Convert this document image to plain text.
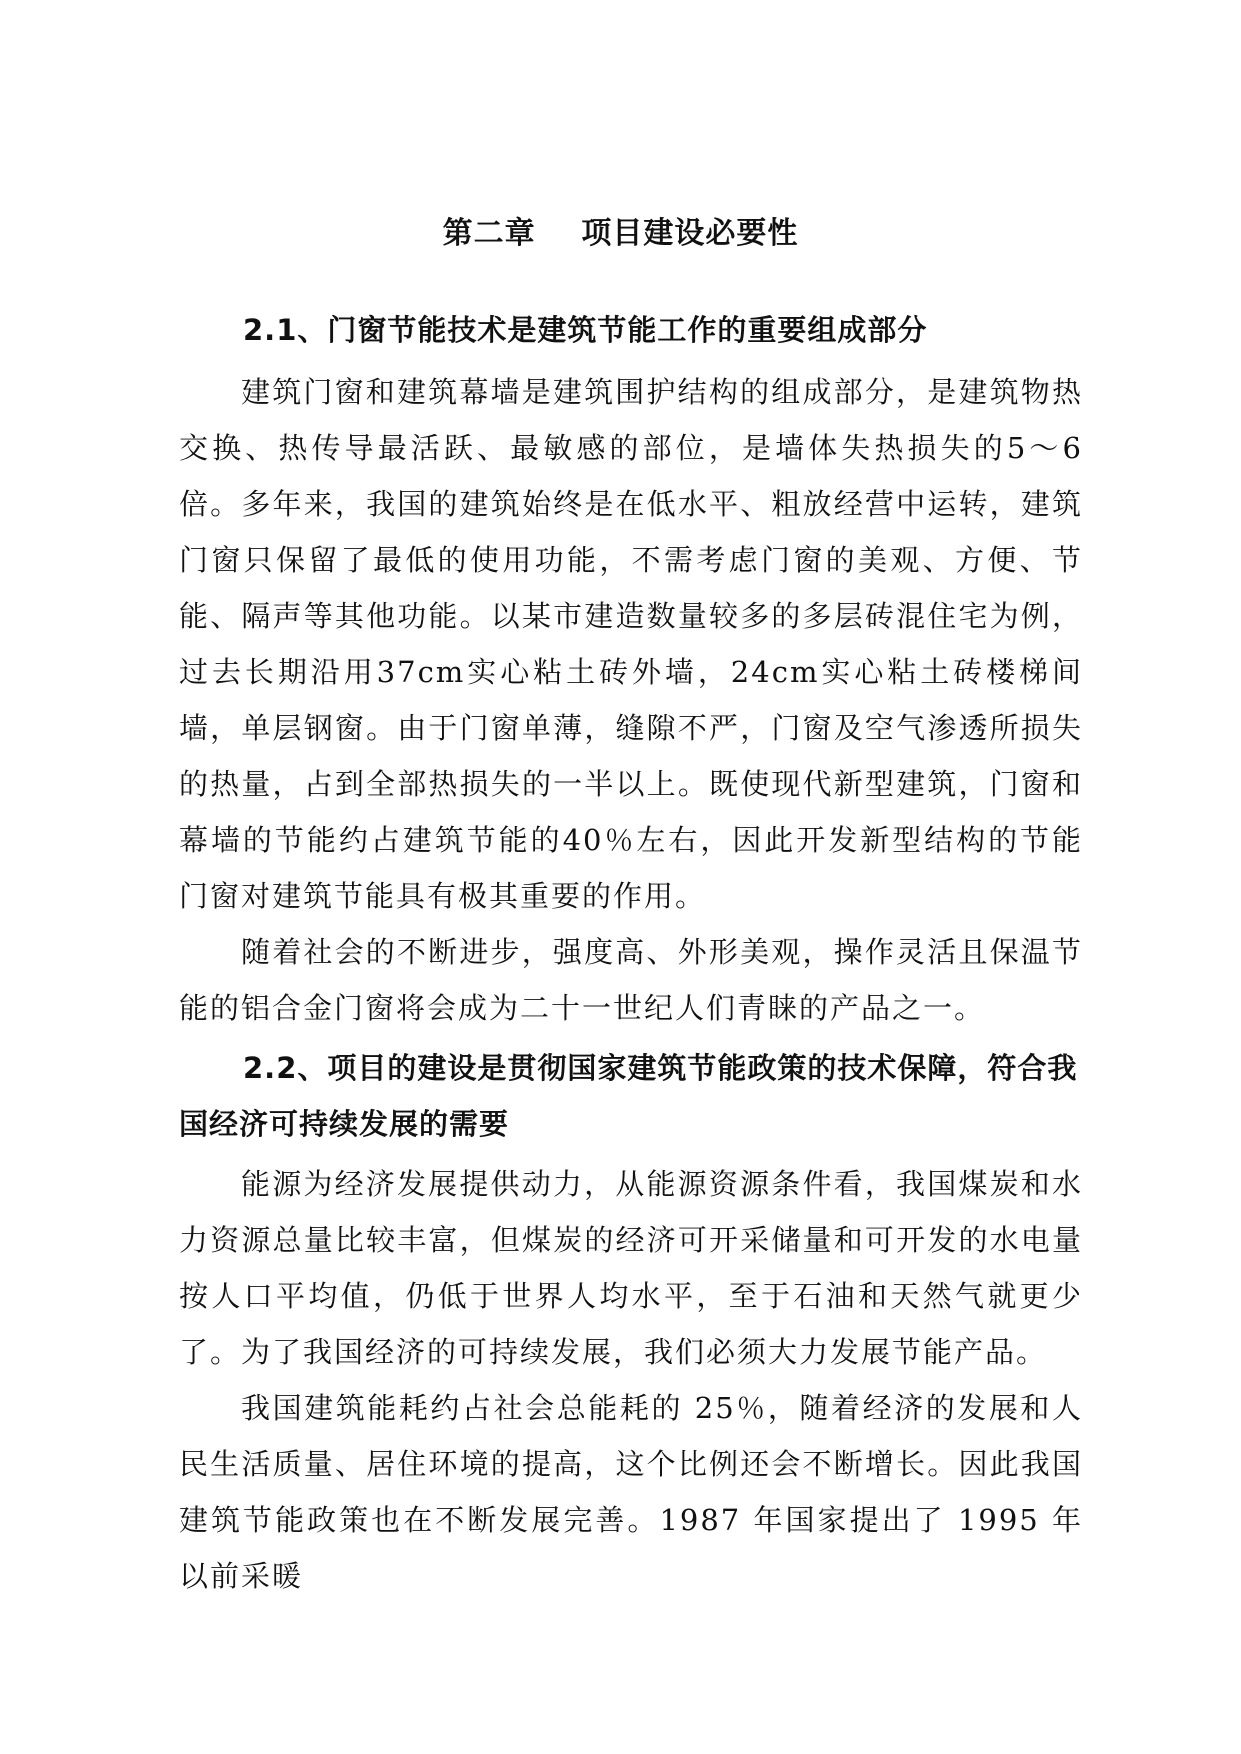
第二章    项目建设必要性

2.1、门窗节能技术是建筑节能工作的重要组成部分

建筑门窗和建筑幕墙是建筑围护结构的组成部分，是建筑物热交换、热传导最活跃、最敏感的部位，是墙体失热损失的5～6倍。多年来，我国的建筑始终是在低水平、粗放经营中运转，建筑门窗只保留了最低的使用功能，不需考虑门窗的美观、方便、节能、隔声等其他功能。以某市建造数量较多的多层砖混住宅为例，过去长期沿用37cm实心粘土砖外墙，24cm实心粘土砖楼梯间墙，单层钢窗。由于门窗单薄，缝隙不严，门窗及空气渗透所损失的热量，占到全部热损失的一半以上。既使现代新型建筑，门窗和幕墙的节能约占建筑节能的40％左右，因此开发新型结构的节能门窗对建筑节能具有极其重要的作用。

随着社会的不断进步，强度高、外形美观，操作灵活且保温节能的铝合金门窗将会成为二十一世纪人们青睐的产品之一。

2.2、项目的建设是贯彻国家建筑节能政策的技术保障，符合我国经济可持续发展的需要

能源为经济发展提供动力，从能源资源条件看，我国煤炭和水力资源总量比较丰富，但煤炭的经济可开采储量和可开发的水电量按人口平均值，仍低于世界人均水平，至于石油和天然气就更少了。为了我国经济的可持续发展，我们必须大力发展节能产品。

我国建筑能耗约占社会总能耗的 25％，随着经济的发展和人民生活质量、居住环境的提高，这个比例还会不断增长。因此我国建筑节能政策也在不断发展完善。1987 年国家提出了 1995 年以前采暖
